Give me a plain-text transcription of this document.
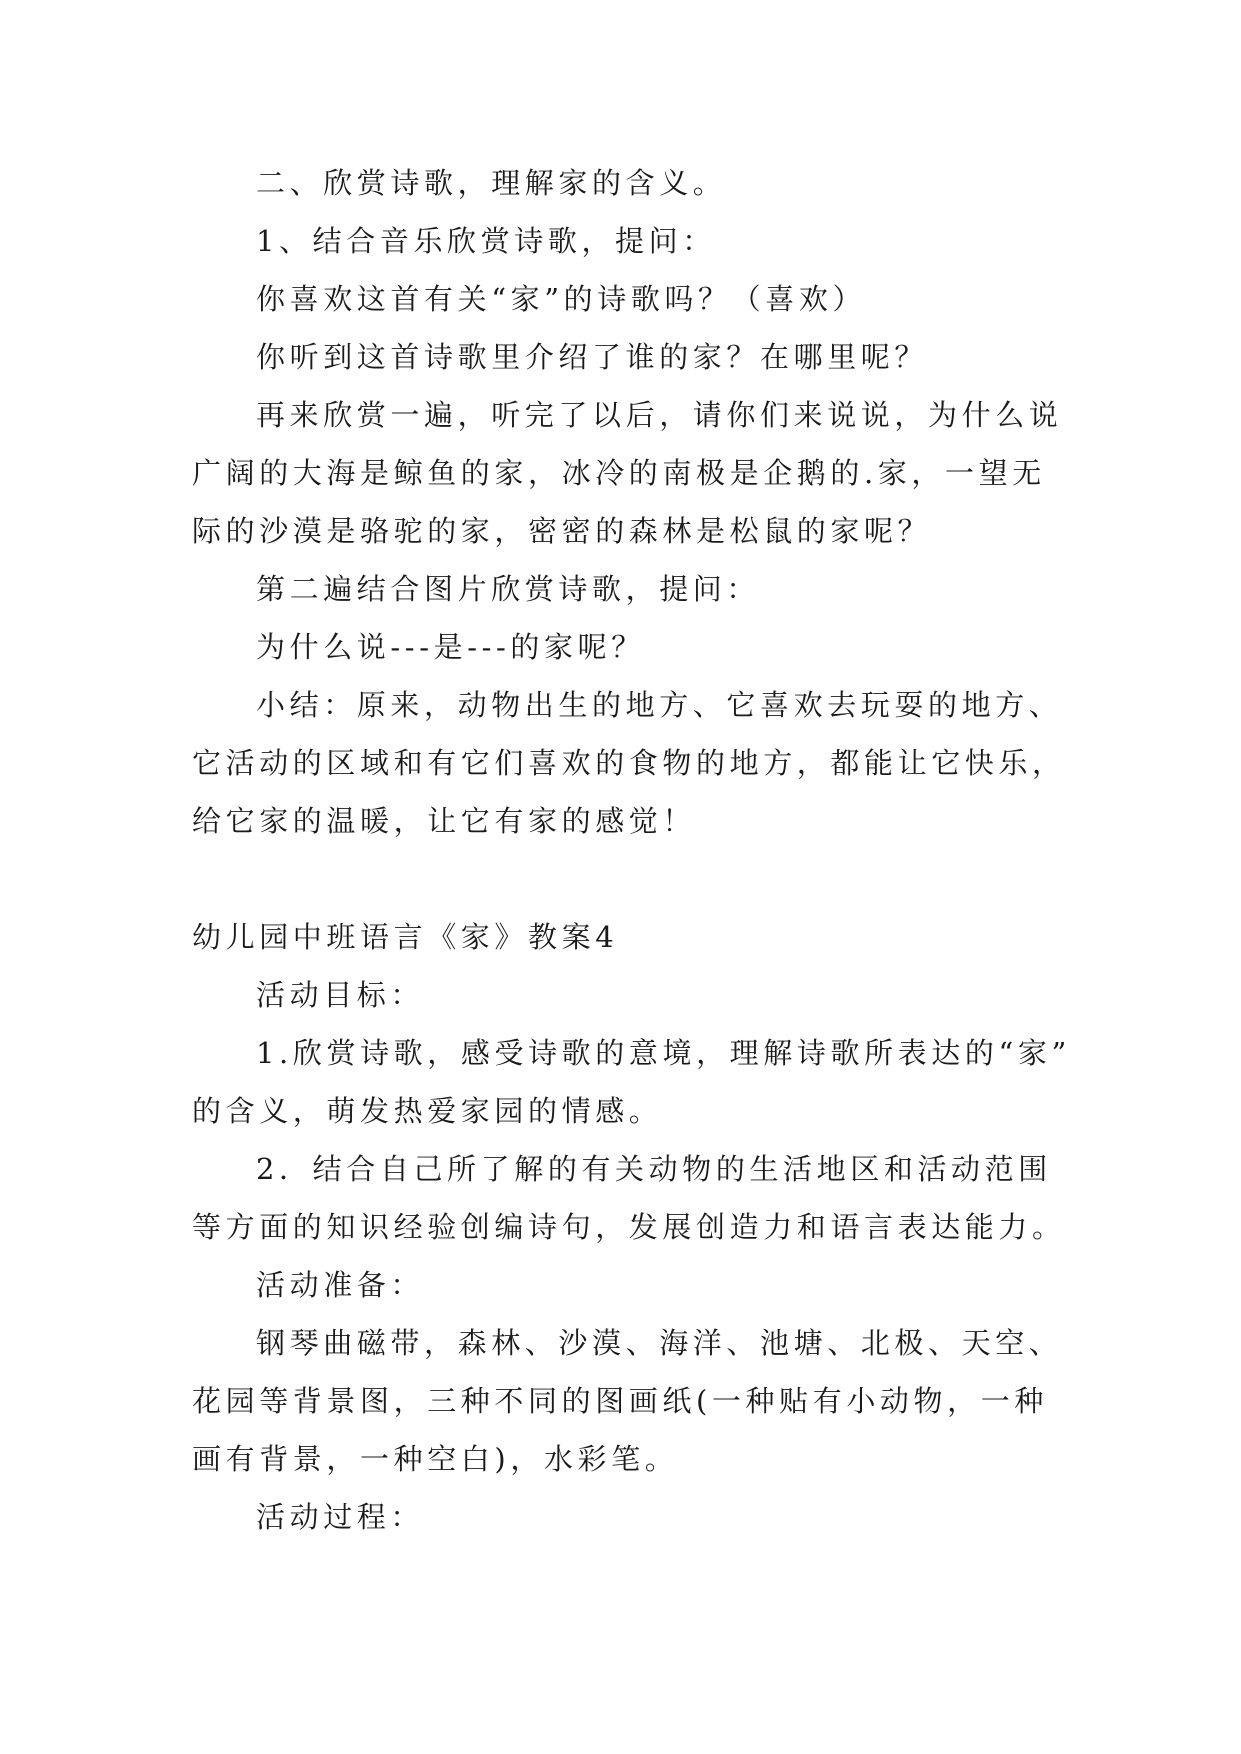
二、欣赏诗歌，理解家的含义。

1、结合音乐欣赏诗歌，提问：

你喜欢这首有关“家”的诗歌吗？（喜欢）

你听到这首诗歌里介绍了谁的家？在哪里呢？

再来欣赏一遍，听完了以后，请你们来说说，为什么说

广阔的大海是鲸鱼的家，冰冷的南极是企鹅的.家，一望无

际的沙漠是骆驼的家，密密的森林是松鼠的家呢？

第二遍结合图片欣赏诗歌，提问：

为什么说---是---的家呢？

小结：原来，动物出生的地方、它喜欢去玩耍的地方、

它活动的区域和有它们喜欢的食物的地方，都能让它快乐，

给它家的温暖，让它有家的感觉！

幼儿园中班语言《家》教案4

活动目标：

1.欣赏诗歌，感受诗歌的意境，理解诗歌所表达的“家”

的含义，萌发热爱家园的情感。

2．结合自己所了解的有关动物的生活地区和活动范围

等方面的知识经验创编诗句，发展创造力和语言表达能力。

活动准备：

钢琴曲磁带，森林、沙漠、海洋、池塘、北极、天空、

花园等背景图，三种不同的图画纸(一种贴有小动物，一种

画有背景，一种空白)，水彩笔。

活动过程：
